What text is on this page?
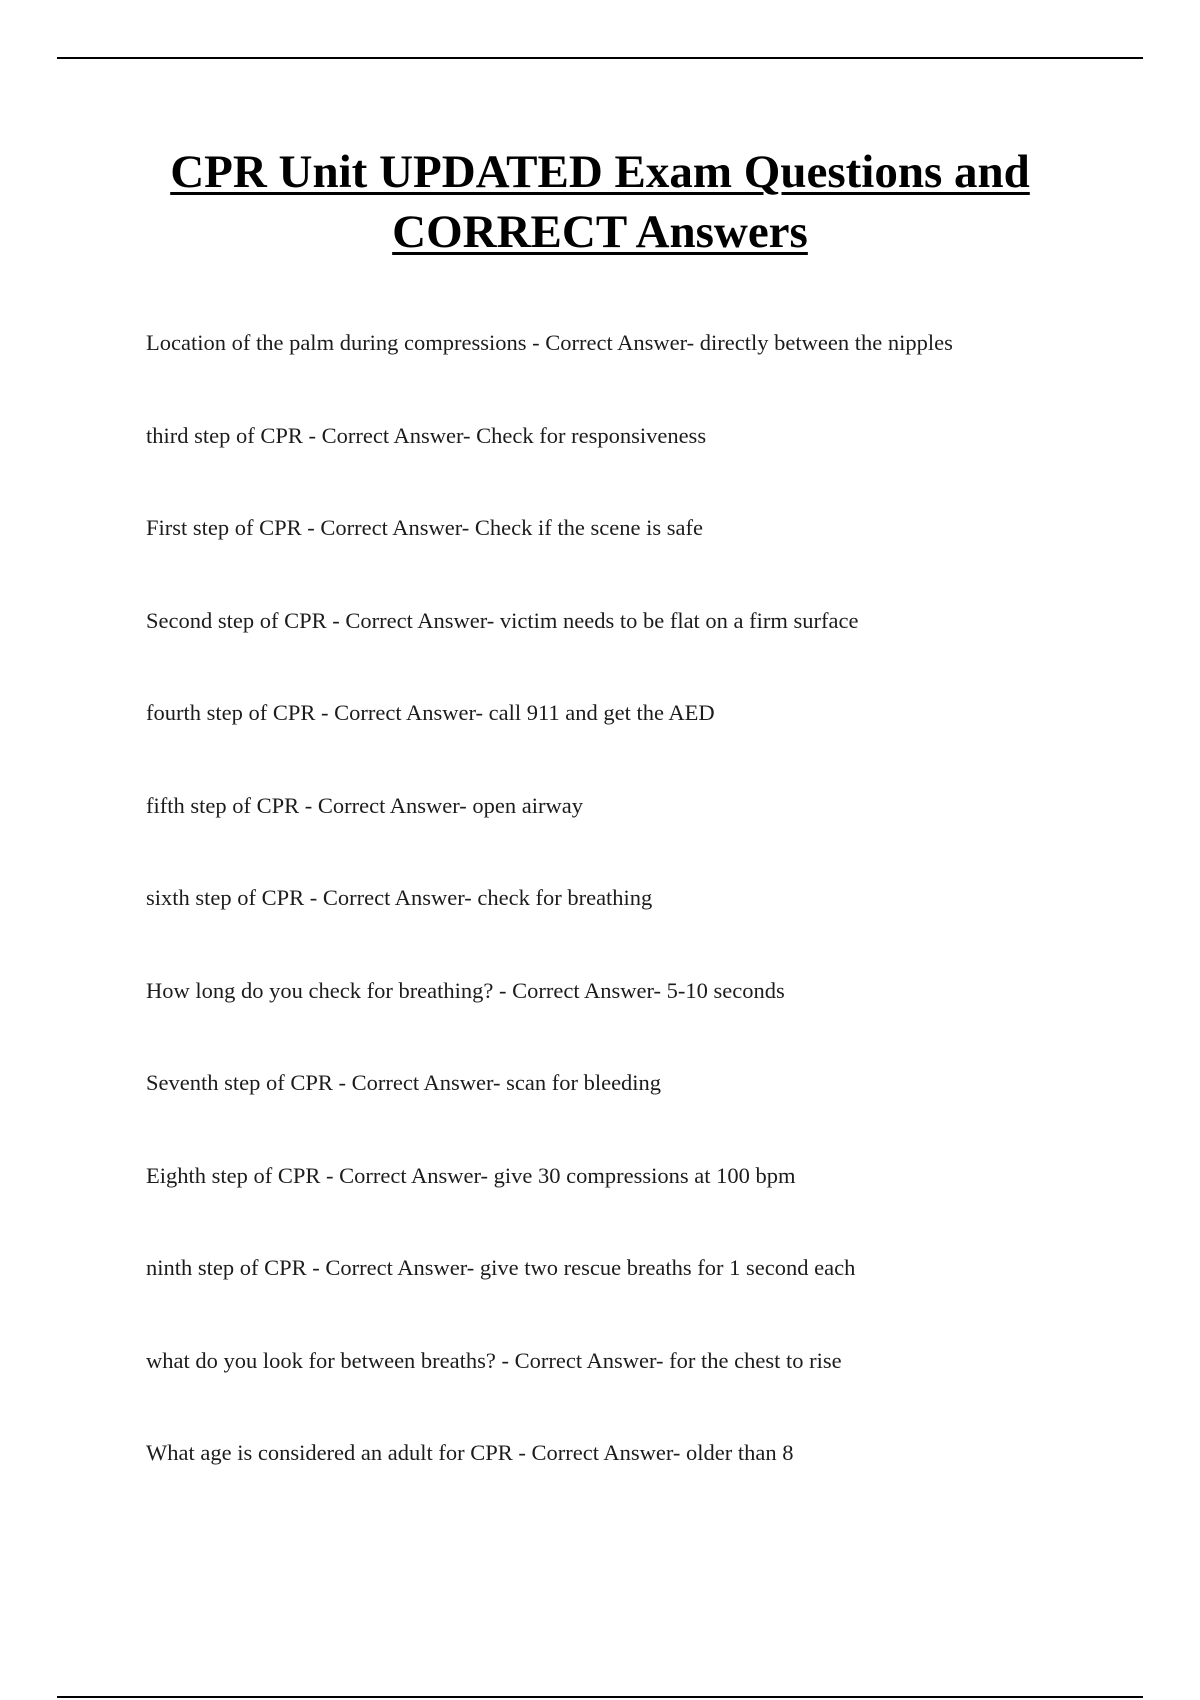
CPR Unit UPDATED Exam Questions and CORRECT Answers
Location of the palm during compressions - Correct Answer- directly between the nipples
third step of CPR - Correct Answer- Check for responsiveness
First step of CPR - Correct Answer- Check if the scene is safe
Second step of CPR - Correct Answer- victim needs to be flat on a firm surface
fourth step of CPR - Correct Answer- call 911 and get the AED
fifth step of CPR - Correct Answer- open airway
sixth step of CPR - Correct Answer- check for breathing
How long do you check for breathing? - Correct Answer- 5-10 seconds
Seventh step of CPR - Correct Answer- scan for bleeding
Eighth step of CPR - Correct Answer- give 30 compressions at 100 bpm
ninth step of CPR - Correct Answer- give two rescue breaths for 1 second each
what do you look for between breaths? - Correct Answer- for the chest to rise
What age is considered an adult for CPR - Correct Answer- older than 8
